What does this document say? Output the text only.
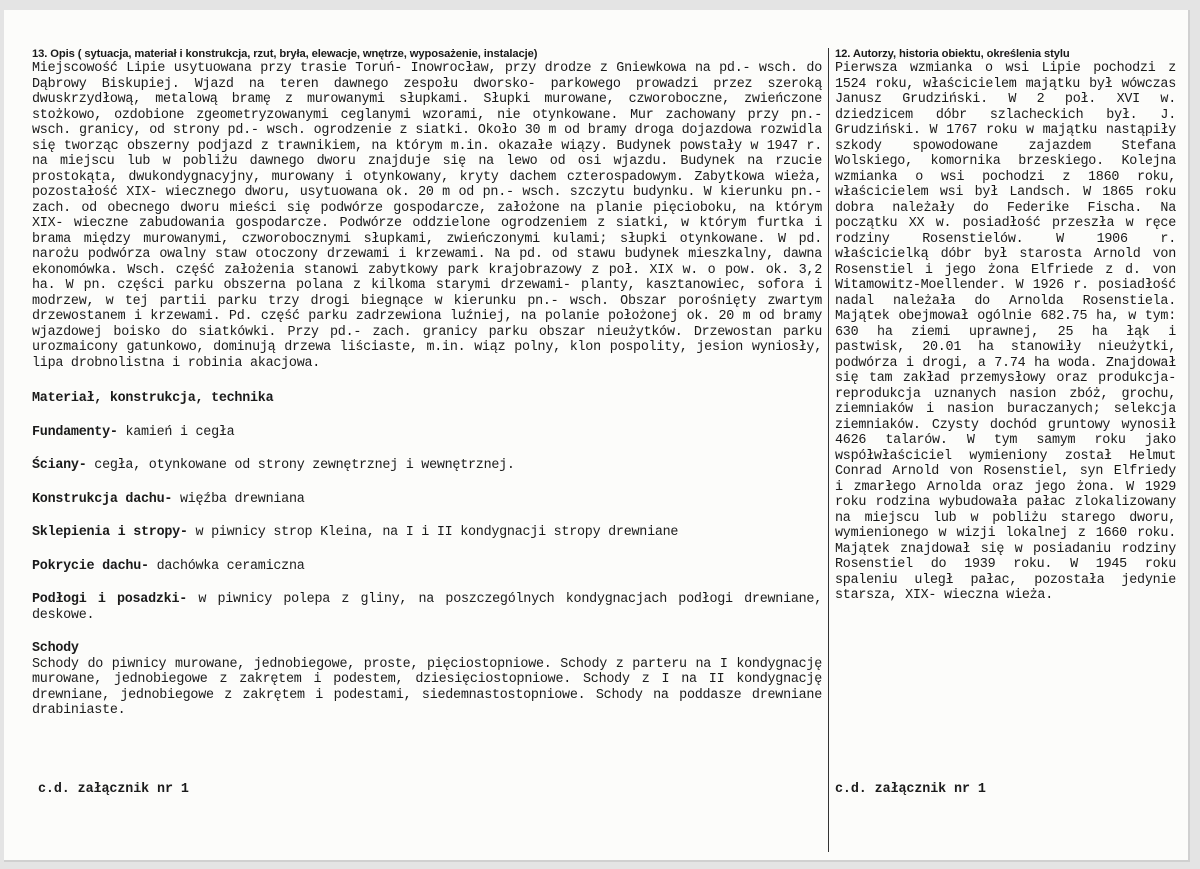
13. Opis ( sytuacja, materiał i konstrukcja, rzut, bryła, elewacje, wnętrze, wyposażenie, instalacje)

Miejscowość Lipie usytuowana przy trasie Toruń- Inowrocław, przy drodze z Gniewkowa na pd.- wsch. do Dąbrowy Biskupiej. Wjazd na teren dawnego zespołu dworsko- parkowego prowadzi przez szeroką dwuskrzydłową, metalową bramę z murowanymi słupkami. Słupki murowane, czworoboczne, zwieńczone stożkowo, ozdobione zgeometryzowanymi ceglanymi wzorami, nie otynkowane. Mur zachowany przy pn.- wsch. granicy, od strony pd.- wsch. ogrodzenie z siatki. Około 30 m od bramy droga dojazdowa rozwidla się tworząc obszerny podjazd z trawnikiem, na którym m.in. okazałe wiązy. Budynek powstały w 1947 r. na miejscu lub w pobliżu dawnego dworu znajduje się na lewo od osi wjazdu. Budynek na rzucie prostokąta, dwukondygnacyjny, murowany i otynkowany, kryty dachem czterospadowym. Zabytkowa wieża, pozostałość XIX- wiecznego dworu, usytuowana ok. 20 m od pn.- wsch. szczytu budynku. W kierunku pn.- zach. od obecnego dworu mieści się podwórze gospodarcze, założone na planie pięcioboku, na którym XIX- wieczne zabudowania gospodarcze. Podwórze oddzielone ogrodzeniem z siatki, w którym furtka i brama między murowanymi, czworobocznymi słupkami, zwieńczonymi kulami; słupki otynkowane. W pd. narożu podwórza owalny staw otoczony drzewami i krzewami. Na pd. od stawu budynek mieszkalny, dawna ekonomówka. Wsch. część założenia stanowi zabytkowy park krajobrazowy z poł. XIX w. o pow. ok. 3,2 ha. W pn. części parku obszerna polana z kilkoma starymi drzewami- planty, kasztanowiec, sofora i modrzew, w tej partii parku trzy drogi biegnące w kierunku pn.- wsch. Obszar porośnięty zwartym drzewostanem i krzewami. Pd. część parku zadrzewiona luźniej, na polanie położonej ok. 20 m od bramy wjazdowej boisko do siatkówki. Przy pd.- zach. granicy parku obszar nieużytków. Drzewostan parku urozmaicony gatunkowo, dominują drzewa liściaste, m.in. wiąz polny, klon pospolity, jesion wyniosły, lipa drobnolistna i robinia akacjowa.

Materiał, konstrukcja, technika
Fundamenty- kamień i cegła
Ściany- cegła, otynkowane od strony zewnętrznej i wewnętrznej.
Konstrukcja dachu- więźba drewniana
Sklepienia i stropy- w piwnicy strop Kleina, na I i II kondygnacji stropy drewniane
Pokrycie dachu- dachówka ceramiczna
Podłogi i posadzki- w piwnicy polepa z gliny, na poszczególnych kondygnacjach podłogi drewniane, deskowe.
Schody

Schody do piwnicy murowane, jednobiegowe, proste, pięciostopniowe. Schody z parteru na I kondygnację murowane, jednobiegowe z zakrętem i podestem, dziesięciostopniowe. Schody z I na II kondygnację drewniane, jednobiegowe z zakrętem i podestami, siedemnastostopniowe. Schody na poddasze drewniane drabiniaste.

c.d. załącznik nr 1

12. Autorzy, historia obiektu, określenia stylu

Pierwsza wzmianka o wsi Lipie pochodzi z 1524 roku, właścicielem majątku był wówczas Janusz Grudziński. W 2 poł. XVI w. dziedzicem dóbr szlacheckich był. J. Grudziński. W 1767 roku w majątku nastąpiły szkody spowodowane zajazdem Stefana Wolskiego, komornika brzeskiego. Kolejna wzmianka o wsi pochodzi z 1860 roku, właścicielem wsi był Landsch. W 1865 roku dobra należały do Federike Fischa. Na początku XX w. posiadłość przeszła w ręce rodziny Rosenstielów. W 1906 r. właścicielką dóbr był starosta Arnold von Rosenstiel i jego żona Elfriede z d. von Witamowitz-Moellender. W 1926 r. posiadłość nadal należała do Arnolda Rosenstiela. Majątek obejmował ogólnie 682.75 ha, w tym: 630 ha ziemi uprawnej, 25 ha łąk i pastwisk, 20.01 ha stanowiły nieużytki, podwórza i drogi, a 7.74 ha woda. Znajdował się tam zakład przemysłowy oraz produkcja- reprodukcja uznanych nasion zbóż, grochu, ziemniaków i nasion buraczanych; selekcja ziemniaków. Czysty dochód gruntowy wynosił 4626 talarów. W tym samym roku jako współwłaściciel wymieniony został Helmut Conrad Arnold von Rosenstiel, syn Elfriedy i zmarłego Arnolda oraz jego żona. W 1929 roku rodzina wybudowała pałac zlokalizowany na miejscu lub w pobliżu starego dworu, wymienionego w wizji lokalnej z 1660 roku. Majątek znajdował się w posiadaniu rodziny Rosenstiel do 1939 roku. W 1945 roku spaleniu uległ pałac, pozostała jedynie starsza, XIX- wieczna wieża.

c.d. załącznik nr 1
